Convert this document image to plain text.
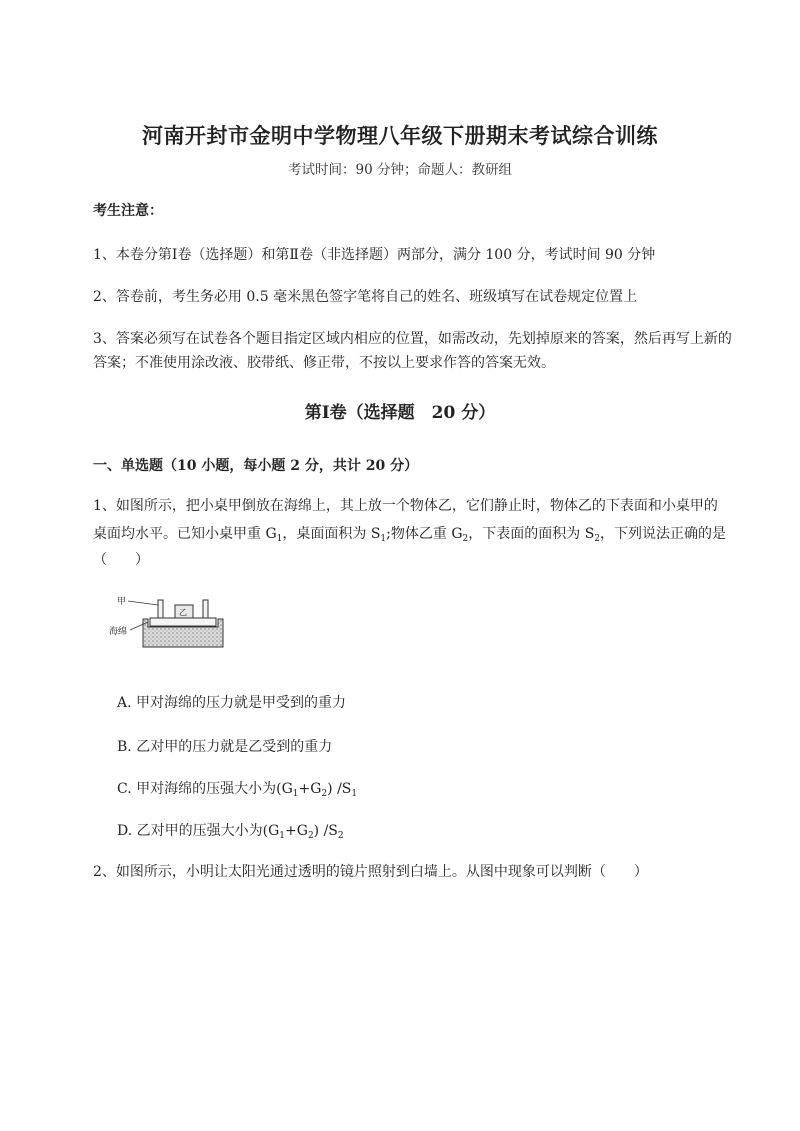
河南开封市金明中学物理八年级下册期末考试综合训练
考试时间：90 分钟；命题人：教研组
考生注意：
1、本卷分第Ⅰ卷（选择题）和第Ⅱ卷（非选择题）两部分，满分 100 分，考试时间 90 分钟
2、答卷前，考生务必用 0.5 毫米黑色签字笔将自己的姓名、班级填写在试卷规定位置上
3、答案必须写在试卷各个题目指定区域内相应的位置，如需改动，先划掉原来的答案，然后再写上新的答案；不准使用涂改液、胶带纸、修正带，不按以上要求作答的答案无效。
第Ⅰ卷（选择题　20 分）
一、单选题（10 小题，每小题 2 分，共计 20 分）
1、如图所示，把小桌甲倒放在海绵上，其上放一个物体乙，它们静止时，物体乙的下表面和小桌甲的
桌面均水平。已知小桌甲重 $G_1$，桌面面积为 $S_1$;物体乙重 $G_2$，下表面的面积为 $S_2$，下列说法正确的是
（　　）
甲
乙
海绵
A. 甲对海绵的压力就是甲受到的重力
B. 乙对甲的压力就是乙受到的重力
C. 甲对海绵的压强大小为$(G_1+G_2)$ $/S_1$
D. 乙对甲的压强大小为$(G_1+G_2)$ $/S_2$
2、如图所示，小明让太阳光通过透明的镜片照射到白墙上。从图中现象可以判断（　　）
